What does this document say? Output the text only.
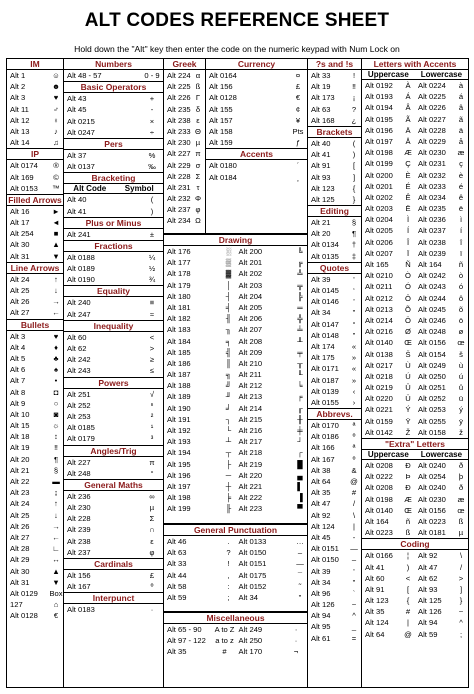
ALT CODES REFERENCE SHEET
Hold down the "Alt" key then enter the code on the numeric keypad with Num Lock on
IM
Alt 1	☺
Alt 2	☻
Alt 3	♥
Alt 11	♂
Alt 12	♀
Alt 13	♪
Alt 14	♫
IP
Alt 0174	®
Alt 169	©
Alt 0153	™
Filled Arrows
Alt 16	►
Alt 17	◄
Alt 254	■
Alt 30	▲
Alt 31	▼
Line Arrows
Alt 24	↑
Alt 25	↓
Alt 26	→
Alt 27	←
Bullets
Alt 3	♥
Alt 4	♦
Alt 5	♣
Alt 6	♠
Alt 7	•
Alt 8	◘
Alt 9	○
Alt 10	◙
Alt 15	☼
Alt 18	↕
Alt 19	‼
Alt 20	¶
Alt 21	§
Alt 22	▬
Alt 23	↨
Alt 24	↑
Alt 25	↓
Alt 26	→
Alt 27	←
Alt 28	∟
Alt 29	↔
Alt 30	▲
Alt 31	▼
Alt 0129	Box
127	⌂
Alt 0128	€
Numbers
Alt 48 - 57	0 - 9
Basic Operators
Alt 43	+
Alt 45	-
Alt 0215	×
Alt 0247	÷
Pers
Alt 37	%
Alt 0137	‰
Bracketing
Alt Code Symbol
Alt 40	(
Alt 41	)
Plus or Minus
Alt 241	±
Fractions
Alt 0188	¼
Alt 0189	½
Alt 0190	¾
Equality
Alt 240	≡
Alt 247	≈
Inequality
Alt 60	<
Alt 62	>
Alt 242	≥
Alt 243	≤
Powers
Alt 251	√
Alt 252	ⁿ
Alt 253	²
Alt 0185	¹
Alt 0179	³
Angles/Trig
Alt 227	π
Alt 248	°
General Maths
Alt 236	∞
Alt 230	µ
Alt 228	Σ
Alt 239	∩
Alt 238	ε
Alt 237	φ
Cardinals
Alt 156	£
Alt 167	º
Interpunct
Alt 0183	·
Greek
Alt 224 α
Alt 225 ß
Alt 226 Γ
Alt 235 δ
Alt 238 ε
Alt 233 Θ
Alt 230 µ
Alt 227 π
Alt 229 σ
Alt 228 Σ
Alt 231 τ
Alt 232 Φ
Alt 237 φ
Alt 234 Ω
Currency
Alt 0164	¤
Alt 156	£
Alt 0128	€
Alt 155	¢
Alt 157	¥
Alt 158	Pts
Alt 159	ƒ
Accents
Alt 0180	´
Alt 0184	¸
Drawing
Alt 176	░ Alt 200	╚
Alt 177	▒ Alt 201	╔
Alt 178	▓ Alt 202	╩
Alt 179	│	Alt 203	╦
Alt 180	┤ Alt 204	╠
Alt 181	╡ Alt 205	═
Alt 182	╢ Alt 206	╬
Alt 183	╖ Alt 207	╧
Alt 184	╕ Alt 208	╨
Alt 185	╣ Alt 209	╤
Alt 186	║ Alt 210	╥
Alt 187	╗ Alt 211	╙
Alt 188	╝ Alt 212	╘
Alt 189	╜ Alt 213	╒
Alt 190	╛ Alt 214	╓
Alt 191	┐ Alt 215	╫
Alt 192	└ Alt 216	╪
Alt 193	┴ Alt 217	┘
Alt 194	┬ Alt 218	┌
Alt 195	├ Alt 219	█
Alt 196	─ Alt 220	▄
Alt 197	┼ Alt 221	▌
Alt 198	╞ Alt 222	▐
Alt 199	╟ Alt 223	▀
General Punctuation
Alt 46	.	Alt 0133	…
Alt 63	?	Alt 0150	–
Alt 33	!	Alt 0151	—
Alt 44	,	Alt 0175	¯
Alt 58	:	Alt 0152	˜
Alt 59	;	Alt 34	"
Miscellaneous
Alt 65 - 90	A to Z Alt 249	∙
Alt 97 - 122	a to z Alt 250	·
Alt 35	#	Alt 170	¬
?s and !s
Alt 33	!
Alt 19	‼
Alt 173	¡
Alt 63	?
Alt 168	¿
Brackets
Alt 40	(
Alt 41	)
Alt 91	[
Alt 93	]
Alt 123	{
Alt 125	}
Editing
Alt 21	§
Alt 20	¶
Alt 0134	†
Alt 0135	‡
Quotes
Alt 39	'
Alt 0145	‘
Alt 0146	’
Alt 34	"
Alt 0147	“
Alt 0148	”
Alt 174	«
Alt 175	»
Alt 0171	«
Alt 0187	»
Alt 0139	‹
Alt 0155	›
Abbrevs.
Alt 0170	ª
Alt 0186	º
Alt 166	ª
Alt 167	º
Alt 38	&
Alt 64	@
Alt 35	#
Alt 47	/
Alt 92	\
Alt 124	|
Alt 45	-
Alt 0151	—
Alt 0150	–
Alt 39	'
Alt 34	"
Alt 96	`
Alt 126	~
Alt 94	^
Alt 95	_
Alt 61	=
Letters with Accents
Uppercase Lowercase
Alt 0192	À Alt 0224	à
Alt 0193	Á Alt 0225	á
Alt 0194	Â Alt 0226	â
Alt 0195	Ã Alt 0227	ã
Alt 0196	Ä Alt 0228	ä
Alt 0197	Å Alt 0229	å
Alt 0198	Æ Alt 0230	æ
Alt 0199	Ç Alt 0231	ç
Alt 0200	È Alt 0232	è
Alt 0201	É Alt 0233	é
Alt 0202	Ê Alt 0234	ê
Alt 0203	Ë Alt 0235	ë
Alt 0204	Ì	Alt 0236	ì
Alt 0205	Í	Alt 0237	í
Alt 0206	Î	Alt 0238	î
Alt 0207	Ï	Alt 0239	ï
Alt 165	Ñ Alt 164	ñ
Alt 0210	Ò Alt 0242	ò
Alt 0211	Ó Alt 0243	ó
Alt 0212	Ô Alt 0244	ô
Alt 0213	Õ Alt 0245	õ
Alt 0214	Ö Alt 0246	ö
Alt 0216	Ø Alt 0248	ø
Alt 0140	Œ Alt 0156	œ
Alt 0138	Š Alt 0154	š
Alt 0217	Ù Alt 0249	ù
Alt 0218	Ú Alt 0250	ú
Alt 0219	Û Alt 0251	û
Alt 0220	Ü Alt 0252	ü
Alt 0221	Ý Alt 0253	ý
Alt 0159	Ÿ Alt 0255	ÿ
Alt 0142	Ž	Alt 0158	ž
"Extra" Letters
Uppercase Lowercase
Alt 0208	Ð Alt 0240	ð
Alt 0222	Þ Alt 0254	þ
Alt 0208	Ð Alt 0240	ð
Alt 0198	Æ Alt 0230	æ
Alt 0140	Œ Alt 0156	œ
Alt 164	ñ	Alt 0223	ß
Alt 0223	ß	Alt 0181	µ
Coding
Alt 0166	¦	Alt 92	\
Alt 41	)	Alt 47	/
Alt 60	<	Alt 62	>
Alt 91	[	Alt 93	]
Alt 123	{	Alt 125	}
Alt 35	#	Alt 126	~
Alt 124	|	Alt 94	^
Alt 64	@ Alt 59	;
